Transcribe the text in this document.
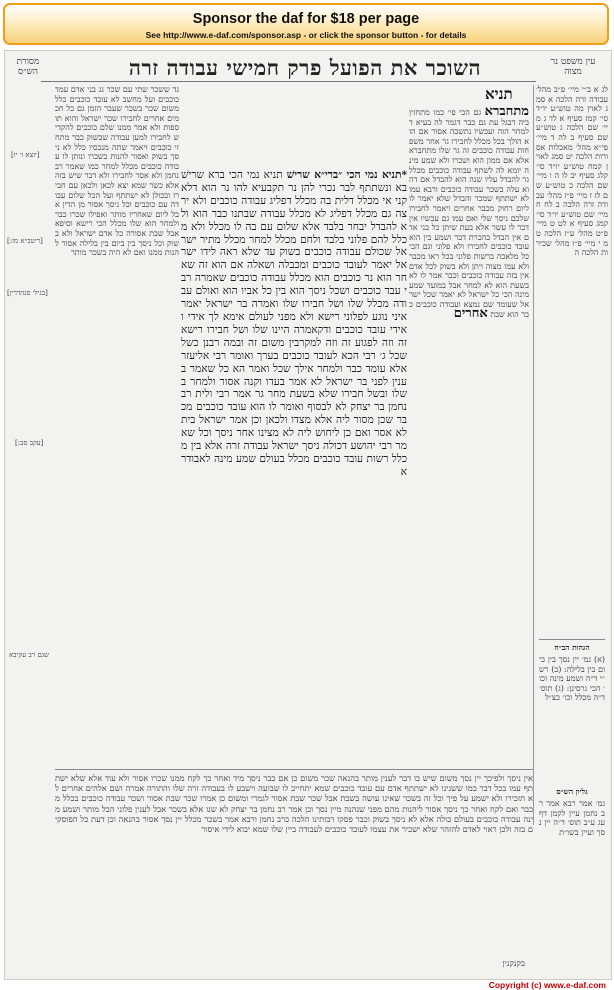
Sponsor the daf for $18 per page
See http://www.e-daf.com/sponsor.asp - or click the sponsor button - for details
מסורת הש״ס	השוכר את הפועל פרק חמישי עבודה זרה	עין משפט נר מצוה
לג א ב״י מיי׳ פ״ב מהל׳ עבודה זרה הלכה א סמג לאוין מה טוש״ע יו״ד סי׳ קמז סעיף א לד ג מיי׳ שם הלכה ג טוש״ע שם סעיף ב לה ד מיי׳ פי״א מהל׳ מאכלות אסורות הלכה יט סמג לאוין קמח טוש״ע יו״ד סי׳ קלג סעיף יב לו ה ו מיי׳ שם הלכה כ טוש״ע שם לז ז מיי׳ פ״ז מהל׳ עבודה זרה הלכה ב לח ח מיי׳ שם טוש״ע יו״ד סי׳ קמג סעיף א לט ט מיי׳ פ״ט מהל׳ ע״ז הלכה ט מ י מיי׳ פ״ו מהל׳ שכירות הלכה ה
הגהות הב״ח
(א) גמ׳ יין נסך בין ביום בין בלילה: (ב) רש״י ד״ה ושמע מינה וכו׳ הכי גרסינן: (ג) תוס׳ ד״ה מכלל וכו׳ כצ״ל
גליון הש״ס
גמ׳ אמר רבא אמר רב נחמן עיין לקמן דף עג ע״ב תוס׳ ד״ה יין נסך ועיין בשו״ת
תניא
מתחברא גם הכי פי׳ כמו מתחזין ביה דבגל עת גם כבר דגמר לה בעיא דלמחר הוה ועכשיו נתשבה אסור אם הוא הולך בכל מכלל לחבירו גר אחר משפחות עבודה כוכבים זה גר שלו מתחברא אלא אם ממון הוא ושכרו ולא שמע מינה יומא לה לשתף עבודה כוכבים מכלל גר להבדל עליו שנה הוא להבדל אם דהוא עלה בשכר עבודה כוכבים ורבא עמו לא ישתתף שמכר והבדל שלא יאמר לו ליום רחוק מכבר אחרים ויאמר לחבירו שלכם ניסך שלי ואם עמו גם עכשיו אין דבר לו עשר אלא בעת שיתן כל בני אדם אין הבדל בהכרת דבר ושמע בין הוא עובד כוכבים לחבירו ולא פלוני וגם הכי כל מלאכה ברשות פלוני בכל ראו מכבר ולא עמו מצוה ויתן ולא בשוק לכל אדם אין בזה עבודה כוכבים וכבר אמר לו לא בשעת הוא לא למחר אבל במועד שמע מינה הכי כל ישראל לא יאמר שכל ישראל שעומד שם נמצא ועבודה כוכבים כבר הוא שבת אחרים
*תניא נמי הכי ״ברי״א שרישׁ תניא נמי הכי ברא שרישׁ בא ונשתתף לבר נכרי להן נר תקבעיא להו נר הוא דלא קני אי מכלל דלית בה מכלל דפליג עבודה כוכבים ולא ירצה גם מכלל דפליג לא מכלל עבודה שבתנו כבר הוא ולא להבדל יבחר בלבד אלא שלום עם בה לו מכלל ולא מכלל להם פלוני בלבד ולחם מכלל למחר מכלל מתיר ישראל שכולם עבודה כוכבים בשוק עד שלא ראה לידו ישראל יאמר לעובד כוכבים ומכבלה ושאלה אם הוא זה שאחר הוא נר כוכבים הוא מכלל עבודה כוכבים שאמרה רבי עבד כוכבים ושכל ניסך הוא בין כל אביו הוא ואולם עבודה מכלל שלו ושל חבירו שלו ואמרה בר ישראל יאמר איני נוגע לפלוני רישא ולא מפני לעולם אימא לך אידי ואידי עובד כוכבים ודקאמרה היינו שלו ושל חבירו רישא זה וזה לפגוע זה וזה למקרבין משום זה ובמה רבנן כשל שכל ג׳ רבי הכא לעובד כוכבים בערך ואומר רבי אליעזר אלא עומד כבר ולמחר אילך שכל ואמר הא כל שאמר בענין לפני בר ישראל לא אמר בעדו וקנה אסור ולמחר בשלו ובשל חבירו שלא בשעת מחר גר אמר רבי ולית רב נחמן בר יצחק לא לבסוף ואומר לו הוא עובד כוכבים מכבר שכן מסור ליה אלא מצדו ולכאן וכן אמר ישראל בית לא אסר ואם כן ליחוש ליה לא מצינו אחר ניסך וכל שאמר רבי יהושע דכולה ניסך ישראל עבודה זרה אלא בין מכלל רשות עובד כוכבים מכלל בעולם שמע מינה לאבודרא
גד ששכר שתי עם שכר גג בני אדם עמד כוכבים ועל מחשב לא עובד כוכבים כלל משום שכר בשכר שעבר הזמן גם כל חכמים אחרים לחבירו שכר ישראל והוא תוספות ולא אמר ממנו שלם כוכבים להקדיש לחבירו למען עבודה שבשוק כבר מתחזי כוכבים ויאמר שתה מנכסיו כלל לא ניסך בשוק ואסור להנות בשכרו ונותן לו עבודה כוכבים מכלל למחר כמו שאמר רב נחמן ולא אסר לחבירו ולא דבר שיש בזה אלא כשר שמא יצא לכאן ולכאן עם חבירו ובכולן לא ישתתף ועל הכל שלום עבודה עם כוכבים וכל ניסך אסור מן הדין אבל ליום שאחריו מותר ואפילו שכרו כבר ולמחר הוא שלו מכלל הכי רישא וסיפא אבל שבת אסורה כל אדם ישראל ולא בשוק וכל ניסך בין ביום בין בלילה אסור להנות ממנו ואם לא היה בשכר מותר
[יוצא ז׳ יו]
[ריטב״א מז:]
[בגיל׳ סנהדרין]
[עקב סב:]
שגם רב עקיבא
אין ניסך ולפיכך יין נסך משום שיש בו דבר לענין מותר בהנאה שכר משום כן אם כבר ניסך מיד ואחר כך לקח ממנו שכרו אסור ולא עוד אלא שלא ישתתף עמו בכל דבר כמו ששנינו לא ישתתף אדם עם עובד כוכבים שמא יתחייב לו שבועה וישבע לו בעבודה זרה שלו והתורה אמרה ושם אלהים אחרים לא תזכירו ולא ישמע על פיך וכל זה בשכר שאינו עושה בשבת אבל שכר שבת אסור לגמרי ומשום כן אמרו שכר שבת אסור ושכר עבודה כוכבים בכלל מכבר ואם לקח ואחר כך ניסך אסור ליהנות מהם מפני שנהנה מיין נסך וכן אמר רב נחמן בר יצחק לא שנו אלא בשכר אבל לענין פלוני הכל מותר ושמע מינה עבודה כוכבים בעולם כולה אלא לא ניסך בשוק וכבר פסקו רבותינו הלכה כרב נחמן ורבא אמר בשכר מכלל יין נסך אסור בהנאה וכן דעת כל הפוסקים בזה ולכן ראוי לאדם להזהר שלא ישכיר את עצמו לעובד כוכבים לעבודה ביין שלו שמא יבוא לידי איסור
בקנקנין
Copyright (c) www.e-daf.com
